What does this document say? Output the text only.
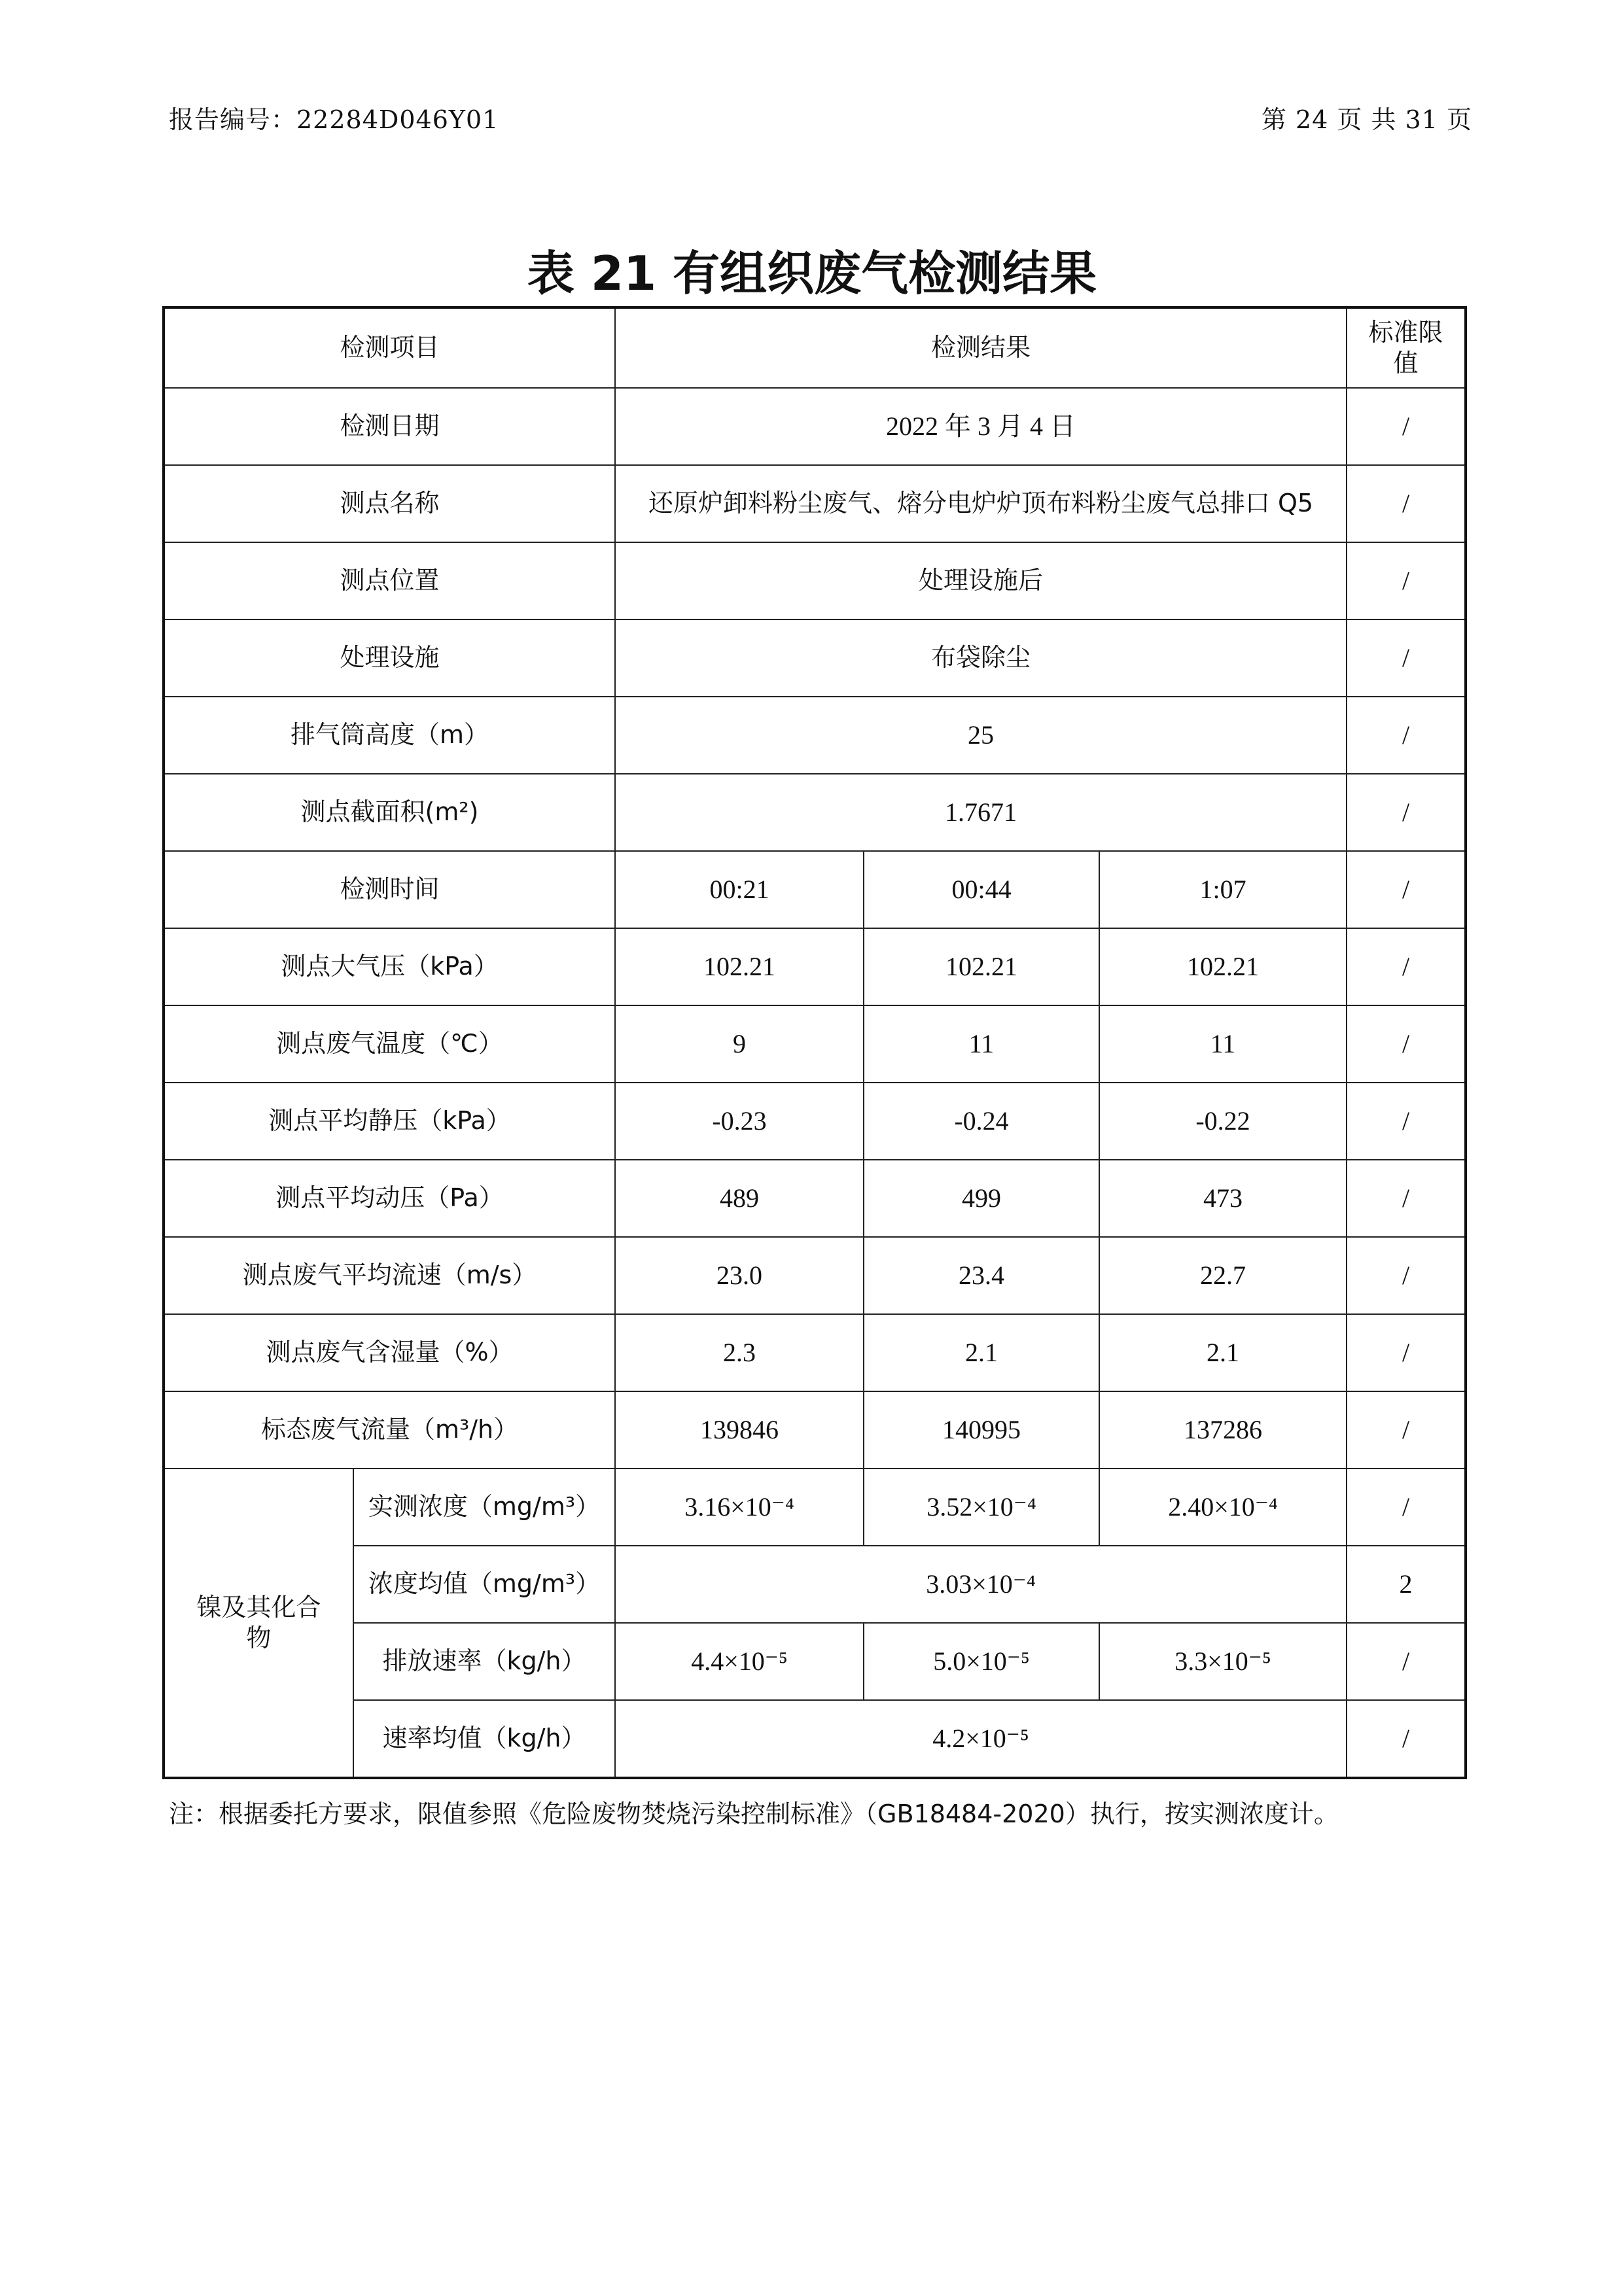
报告编号：22284D046Y01	第 24 页 共 31 页
表 21 有组织废气检测结果
检测项目		检测结果			标准限值
检测日期		2022 年 3 月 4 日			/
测点名称		还原炉卸料粉尘废气、熔分电炉炉顶布料粉尘废气总排口 Q5			/
测点位置		处理设施后			/
处理设施		布袋除尘			/
排气筒高度（m）		25			/
测点截面积(m²)		1.7671			/
检测时间		00:21	00:44	1:07	/
测点大气压（kPa）		102.21	102.21	102.21	/
测点废气温度（℃）		9	11	11	/
测点平均静压（kPa）		-0.23	-0.24	-0.22	/
测点平均动压（Pa）		489	499	473	/
测点废气平均流速（m/s）		23.0	23.4	22.7	/
测点废气含湿量（%）		2.3	2.1	2.1	/
标态废气流量（m³/h）		139846	140995	137286	/
镍及其化合物	实测浓度（mg/m³）	3.16×10⁻⁴	3.52×10⁻⁴	2.40×10⁻⁴	/
	浓度均值（mg/m³）	3.03×10⁻⁴			2
	排放速率（kg/h）	4.4×10⁻⁵	5.0×10⁻⁵	3.3×10⁻⁵	/
	速率均值（kg/h）	4.2×10⁻⁵			/
注：根据委托方要求，限值参照《危险废物焚烧污染控制标准》（GB18484-2020）执行，按实测浓度计。
